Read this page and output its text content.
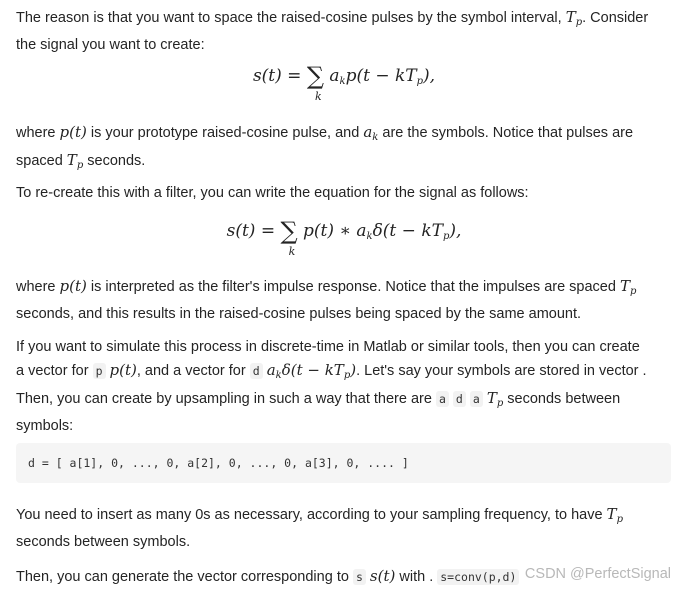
The reason is that you want to space the raised-cosine pulses by the symbol interval, $T_p$. Consider
the signal you want to create:
s(t) = ∑
k
$a_kp(t - kT_p)$,
where p(t) is your prototype raised-cosine pulse, and $a_k$ are the symbols. Notice that pulses are
spaced $T_p$ seconds.
To re-create this with a filter, you can write the equation for the signal as follows:
s(t) = ∑
k
p(t) ∗ $a_k\delta(t - kT_p)$,
where p(t) is interpreted as the filter's impulse response. Notice that the impulses are spaced $T_p$
seconds, and this results in the raised-cosine pulses being spaced by the same amount.
If you want to simulate this process in discrete-time in Matlab or similar tools, then you can create
a vector for p p(t), and a vector for d $a_k\delta(t - kT_p)$. Let's say your symbols are stored in vector .
Then, you can create by upsampling in such a way that there are a d a $T_p$ seconds between
symbols:
d = [ a[1], 0, ..., 0, a[2], 0, ..., 0, a[3], 0, .... ]
You need to insert as many 0s as necessary, according to your sampling frequency, to have $T_p$
seconds between symbols.
Then, you can generate the vector corresponding to s s(t) with . s=conv(p,d) CSDN @PerfectSignal
